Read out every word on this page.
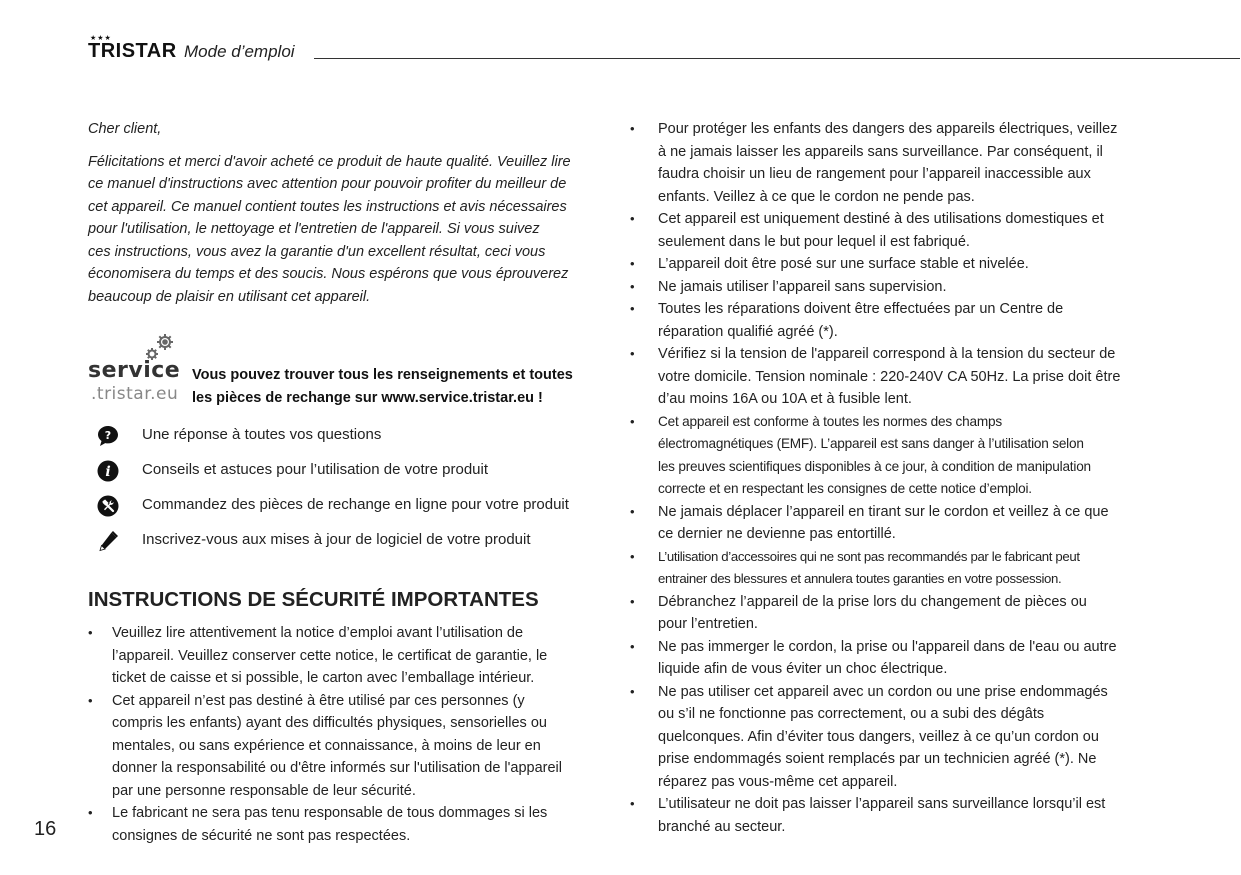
★★★
TRISTAR Mode d’emploi

Cher client,

Félicitations et merci d'avoir acheté ce produit de haute qualité. Veuillez lire

ce manuel d'instructions avec attention pour pouvoir profiter du meilleur de

cet appareil. Ce manuel contient toutes les instructions et avis nécessaires

pour l'utilisation, le nettoyage et l'entretien de l'appareil. Si vous suivez

ces instructions, vous avez la garantie d'un excellent résultat, ceci vous

économisera du temps et des soucis. Nous espérons que vous éprouverez

beaucoup de plaisir en utilisant cet appareil.

service
.tristar.eu
Vous pouvez trouver tous les renseignements et toutes
les pièces de rechange sur www.service.tristar.eu !
? Une réponse à toutes vos questions
i Conseils et astuces pour l’utilisation de votre produit
Commandez des pièces de rechange en ligne pour votre produit
Inscrivez-vous aux mises à jour de logiciel de votre produit
INSTRUCTIONS DE SÉCURITÉ IMPORTANTES
• Veuillez lire attentivement la notice d’emploi avant l’utilisation de
l’appareil. Veuillez conserver cette notice, le certificat de garantie, le
ticket de caisse et si possible, le carton avec l’emballage intérieur.
• Cet appareil n’est pas destiné à être utilisé par ces personnes (y
compris les enfants) ayant des difficultés physiques, sensorielles ou
mentales, ou sans expérience et connaissance, à moins de leur en
donner la responsabilité ou d'être informés sur l'utilisation de l'appareil
par une personne responsable de leur sécurité.
• Le fabricant ne sera pas tenu responsable de tous dommages si les
consignes de sécurité ne sont pas respectées.
• Pour protéger les enfants des dangers des appareils électriques, veillez
à ne jamais laisser les appareils sans surveillance. Par conséquent, il
faudra choisir un lieu de rangement pour l’appareil inaccessible aux
enfants. Veillez à ce que le cordon ne pende pas.
• Cet appareil est uniquement destiné à des utilisations domestiques et
seulement dans le but pour lequel il est fabriqué.
• L’appareil doit être posé sur une surface stable et nivelée.
• Ne jamais utiliser l’appareil sans supervision.
• Toutes les réparations doivent être effectuées par un Centre de
réparation qualifié agréé (*).
• Vérifiez si la tension de l'appareil correspond à la tension du secteur de
votre domicile. Tension nominale : 220-240V CA 50Hz. La prise doit être
d’au moins 16A ou 10A et à fusible lent.
• Cet appareil est conforme à toutes les normes des champs
électromagnétiques (EMF). L’appareil est sans danger à l’utilisation selon
les preuves scientifiques disponibles à ce jour, à condition de manipulation
correcte et en respectant les consignes de cette notice d’emploi.
• Ne jamais déplacer l’appareil en tirant sur le cordon et veillez à ce que
ce dernier ne devienne pas entortillé.
• L’utilisation d’accessoires qui ne sont pas recommandés par le fabricant peut
entrainer des blessures et annulera toutes garanties en votre possession.
• Débranchez l’appareil de la prise lors du changement de pièces ou
pour l’entretien.
• Ne pas immerger le cordon, la prise ou l'appareil dans de l'eau ou autre
liquide afin de vous éviter un choc électrique.
• Ne pas utiliser cet appareil avec un cordon ou une prise endommagés
ou s’il ne fonctionne pas correctement, ou a subi des dégâts
quelconques. Afin d’éviter tous dangers, veillez à ce qu’un cordon ou
prise endommagés soient remplacés par un technicien agréé (*). Ne
réparez pas vous-même cet appareil.
• L’utilisateur ne doit pas laisser l’appareil sans surveillance lorsqu’il est
branché au secteur.
16
